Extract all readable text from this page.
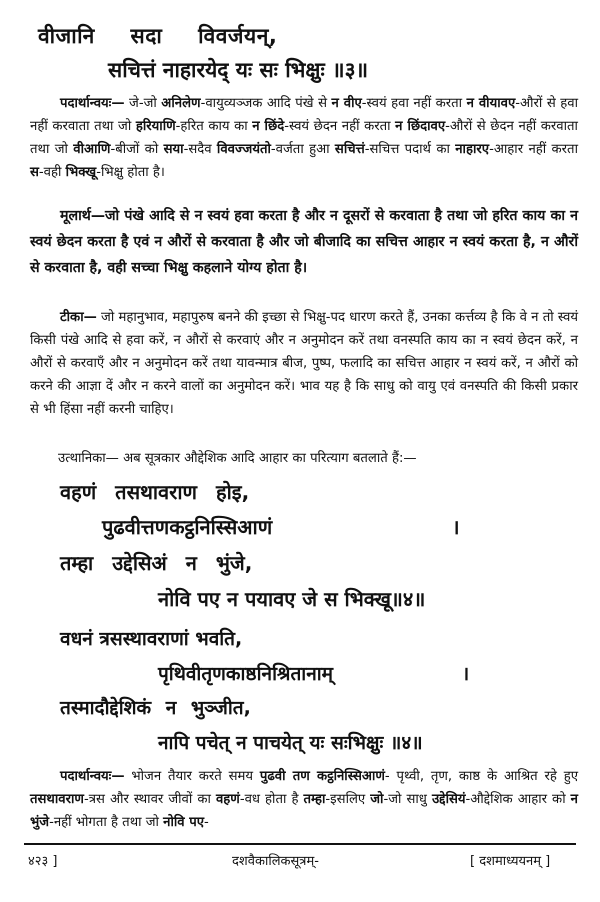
वीजानि सदा विवर्जयन्,
सचित्तं नाहारयेद् यः सः भिक्षुः ॥३॥

पदार्थान्वयः— जे-जो अनिलेण-वायुव्यञ्जक आदि पंखे से न वीए-स्वयं हवा नहीं करता न वीयावए-औरों से हवा नहीं करवाता तथा जो हरियाणि-हरित काय का न छिंदे-स्वयं छेदन नहीं करता न छिंदावए-औरों से छेदन नहीं करवाता तथा जो वीआणि-बीजों को सया-सदैव विवज्जयंतो-वर्जता हुआ सचित्तं-सचित्त पदार्थ का नाहारए-आहार नहीं करता स-वही भिक्खू-भिक्षु होता है।

मूलार्थ—जो पंखे आदि से न स्वयं हवा करता है और न दूसरों से करवाता है तथा जो हरित काय का न स्वयं छेदन करता है एवं न औरों से करवाता है और जो बीजादि का सचित्त आहार न स्वयं करता है, न औरों से करवाता है, वही सच्चा भिक्षु कहलाने योग्य होता है।

टीका— जो महानुभाव, महापुरुष बनने की इच्छा से भिक्षु-पद धारण करते हैं, उनका कर्त्तव्य है कि वे न तो स्वयं किसी पंखे आदि से हवा करें, न औरों से करवाएं और न अनुमोदन करें तथा वनस्पति काय का न स्वयं छेदन करें, न औरों से करवाएँ और न अनुमोदन करें तथा यावन्मात्र बीज, पुष्प, फलादि का सचित्त आहार न स्वयं करें, न औरों को करने की आज्ञा दें और न करने वालों का अनुमोदन करें। भाव यह है कि साधु को वायु एवं वनस्पति की किसी प्रकार से भी हिंसा नहीं करनी चाहिए।

उत्थानिका— अब सूत्रकार औद्देशिक आदि आहार का परित्याग बतलाते हैं:—
वहणं तसथावराण होइ,
पुढवीत्तणकट्ठनिस्सिआणं	।
तम्हा उद्देसिअं न भुंजे,
नोवि पए न पयावए जे स भिक्खू॥४॥
वधनं त्रसस्थावराणां भवति,
पृथिवीतृणकाष्ठनिश्रितानाम्	।
तस्मादौद्देशिकं न भुञ्जीत,
नापि पचेत् न पाचयेत् यः सःभिक्षुः ॥४॥

पदार्थान्वयः— भोजन तैयार करते समय पुढवी तण कट्ठनिस्सिआणं- पृथ्वी, तृण, काष्ठ के आश्रित रहे हुए तसथावराण-त्रस और स्थावर जीवों का वहणं-वध होता है तम्हा-इसलिए जो-जो साधु उद्देसियं-औद्देशिक आहार को न भुंजे-नहीं भोगता है तथा जो नोवि पए-

४२३ ]	दशवैकालिकसूत्रम्-	[ दशमाध्ययनम् ]
